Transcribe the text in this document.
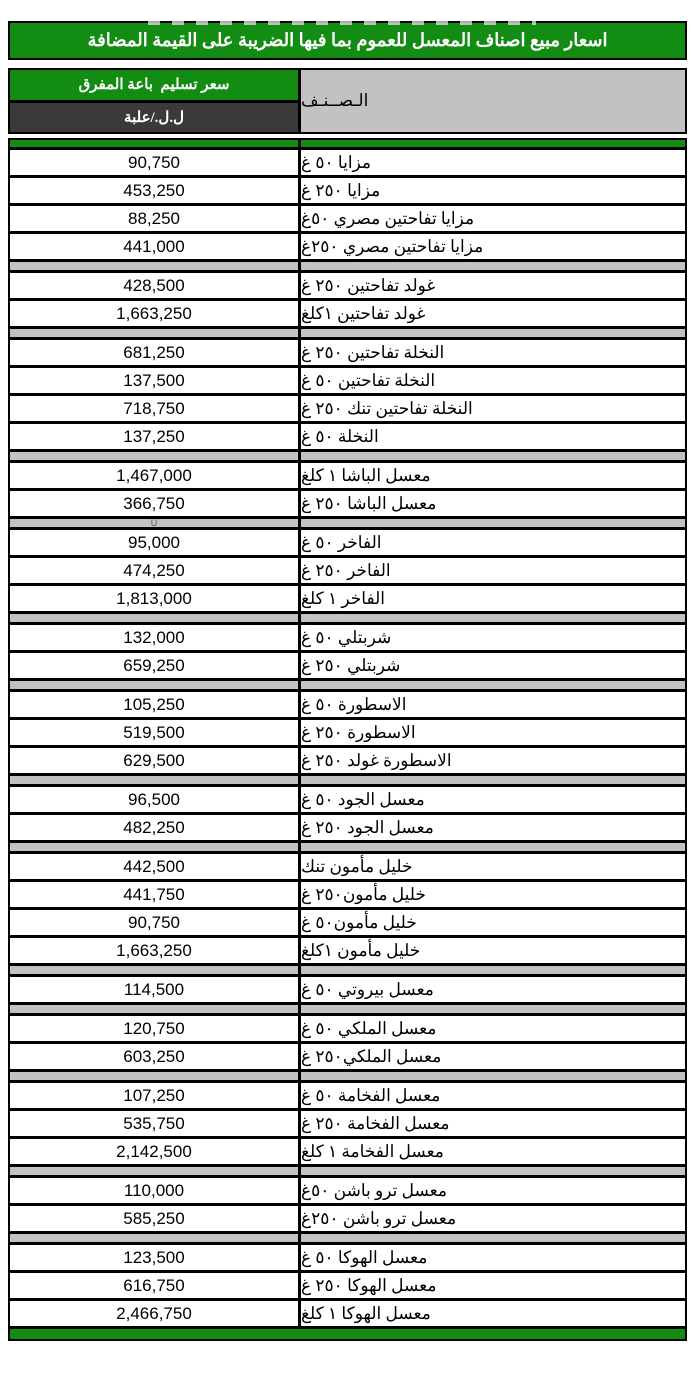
اسعار مبيع اصناف المعسل للعموم بما فيها الضريبة على القيمة المضافة
سعر تسليم  باعة المفرق
ل.ل./علبة
الـصــنـف
90,750	مزايا ٥٠ غ
453,250	مزايا ٢٥٠ غ
88,250	مزايا تفاحتين مصري ٥٠غ
441,000	مزايا تفاحتين مصري ٢٥٠غ
428,500	غولد تفاحتين ٢٥٠ غ
1,663,250	غولد تفاحتين ١كلغ
681,250	النخلة تفاحتين ٢٥٠ غ
137,500	النخلة تفاحتين ٥٠ غ
718,750	النخلة تفاحتين تنك ٢٥٠ غ
137,250	النخلة ٥٠ غ
1,467,000	معسل الباشا ١ كلغ
366,750	معسل الباشا ٢٥٠ غ
U
95,000	الفاخر ٥٠ غ
474,250	الفاخر ٢٥٠ غ
1,813,000	الفاخر ١ كلغ
132,000	شربتلي ٥٠ غ
659,250	شربتلي ٢٥٠ غ
105,250	الاسطورة ٥٠ غ
519,500	الاسطورة ٢٥٠ غ
629,500	الاسطورة غولد ٢٥٠ غ
96,500	معسل الجود ٥٠ غ
482,250	معسل الجود ٢٥٠ غ
442,500	خليل مأمون تنك
441,750	خليل مأمون٢٥٠ غ
90,750	خليل مأمون٥٠ غ
1,663,250	خليل مأمون ١كلغ
114,500	معسل بيروتي ٥٠ غ
120,750	معسل الملكي ٥٠ غ
603,250	معسل الملكي٢٥٠ غ
107,250	معسل الفخامة ٥٠ غ
535,750	معسل الفخامة ٢٥٠ غ
2,142,500	معسل الفخامة ١ كلغ
110,000	معسل ترو باشن ٥٠غ
585,250	معسل ترو باشن ٢٥٠غ
123,500	معسل الهوكا ٥٠ غ
616,750	معسل الهوكا ٢٥٠ غ
2,466,750	معسل الهوكا ١ كلغ
